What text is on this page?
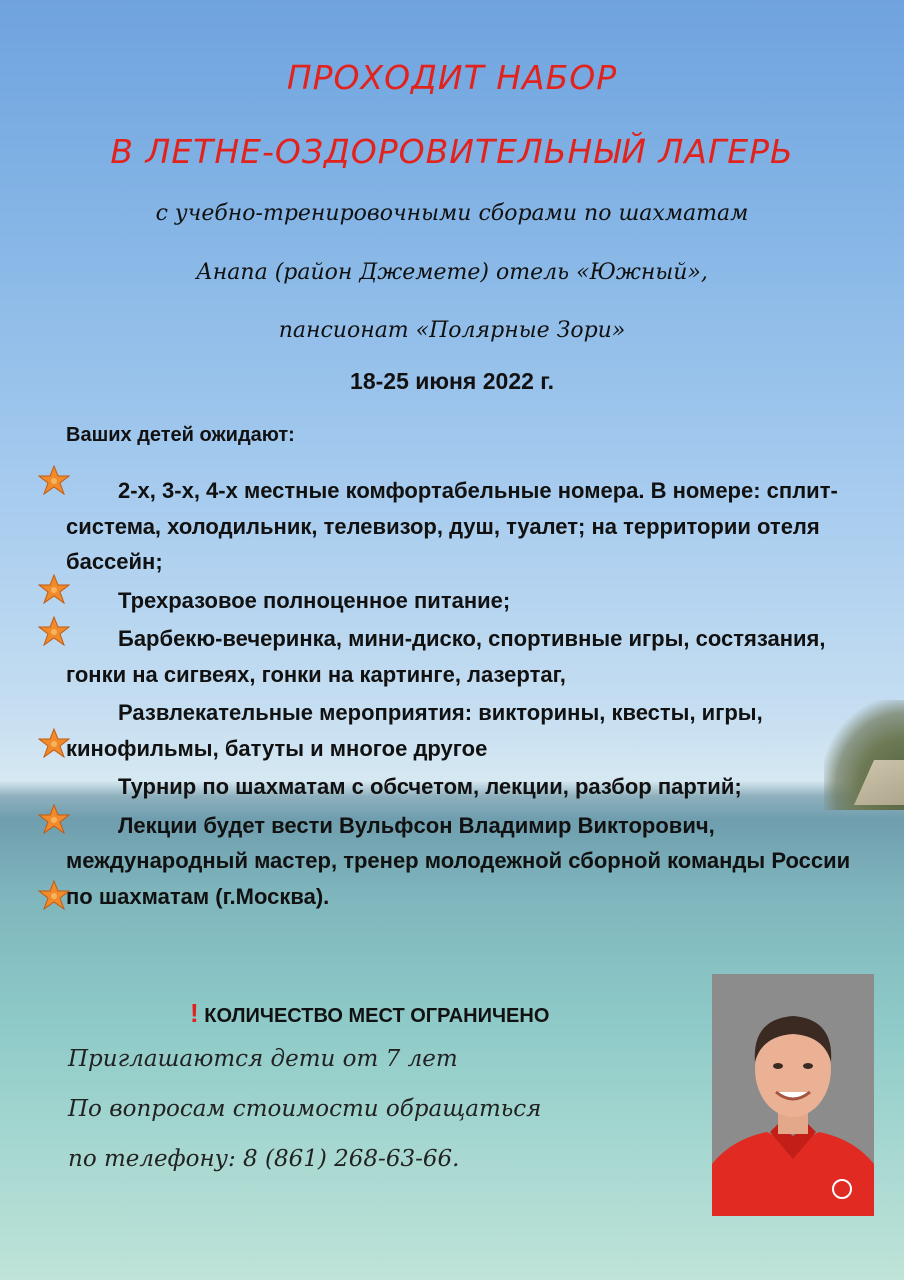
ПРОХОДИТ НАБОР
В ЛЕТНЕ-ОЗДОРОВИТЕЛЬНЫЙ ЛАГЕРЬ
с учебно-тренировочными сборами по шахматам
Анапа (район Джемете) отель «Южный»,
пансионат «Полярные Зори»
18-25 июня 2022 г.
Ваших детей ожидают:
2-х, 3-х, 4-х местные комфортабельные номера. В номере: сплит-система, холодильник, телевизор, душ, туалет; на территории отеля бассейн;
Трехразовое полноценное питание;
Барбекю-вечеринка, мини-диско, спортивные игры, состязания, гонки на сигвеях, гонки на картинге, лазертаг,
Развлекательные мероприятия: викторины, квесты, игры, кинофильмы, батуты и многое другое
Турнир по шахматам с обсчетом, лекции, разбор партий;
Лекции будет вести Вульфсон Владимир Викторович, международный мастер, тренер молодежной сборной команды России по шахматам (г.Москва).
! КОЛИЧЕСТВО МЕСТ ОГРАНИЧЕНО
Приглашаются дети от 7 лет
По вопросам стоимости обращаться
по телефону: 8 (861) 268-63-66.
